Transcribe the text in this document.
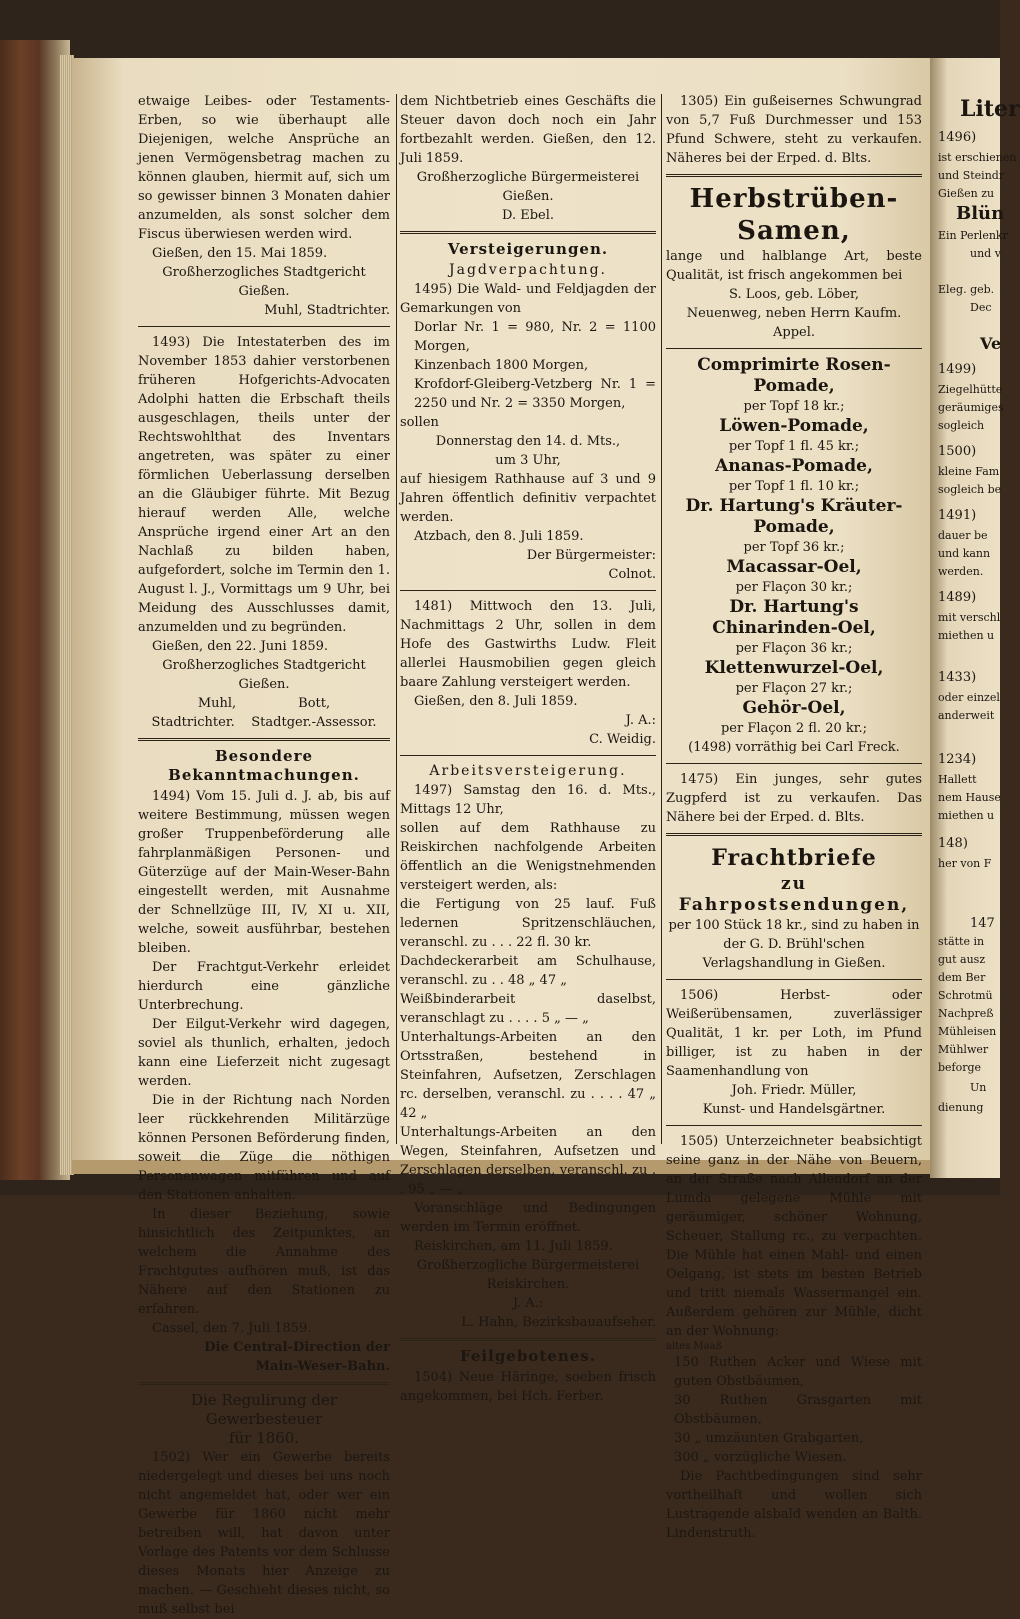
etwaige Leibes- oder Testaments-Erben, so wie überhaupt alle Diejenigen, welche Ansprüche an jenen Vermögensbetrag machen zu können glauben, hiermit auf, sich um so gewisser binnen 3 Monaten dahier anzumelden, als sonst solcher dem Fiscus überwiesen werden wird.

Gießen, den 15. Mai 1859.

Großherzogliches Stadtgericht Gießen.

Muhl, Stadtrichter.

1493) Die Intestaterben des im November 1853 dahier verstorbenen früheren Hofgerichts-Advocaten Adolphi hatten die Erbschaft theils ausgeschlagen, theils unter der Rechtswohlthat des Inventars angetreten, was später zu einer förmlichen Ueberlassung derselben an die Gläubiger führte. Mit Bezug hierauf werden Alle, welche Ansprüche irgend einer Art an den Nachlaß zu bilden haben, aufgefordert, solche im Termin den 1. August l. J., Vormittags um 9 Uhr, bei Meidung des Ausschlusses damit, anzumelden und zu begründen.

Gießen, den 22. Juni 1859.

Großherzogliches Stadtgericht Gießen.

Muhl,               Bott,

Stadtrichter.    Stadtger.-Assessor.

Besondere Bekanntmachungen.

1494) Vom 15. Juli d. J. ab, bis auf weitere Bestimmung, müssen wegen großer Truppenbeförderung alle fahrplanmäßigen Personen- und Güterzüge auf der Main-Weser-Bahn eingestellt werden, mit Ausnahme der Schnellzüge III, IV, XI u. XII, welche, soweit ausführbar, bestehen bleiben.

Der Frachtgut-Verkehr erleidet hierdurch eine gänzliche Unterbrechung.

Der Eilgut-Verkehr wird dagegen, soviel als thunlich, erhalten, jedoch kann eine Lieferzeit nicht zugesagt werden.

Die in der Richtung nach Norden leer rückkehrenden Militärzüge können Personen Beförderung finden, soweit die Züge die nöthigen Personenwagen mitführen und auf den Stationen anhalten.

In dieser Beziehung, sowie hinsichtlich des Zeitpunktes, an welchem die Annahme des Frachtgutes aufhören muß, ist das Nähere auf den Stationen zu erfahren.

Cassel, den 7. Juli 1859.

Die Central-Direction der

Main-Weser-Bahn.

Die Regulirung der Gewerbesteuer

für 1860.

1502) Wer ein Gewerbe bereits niedergelegt und dieses bei uns noch nicht angemeldet hat, oder wer ein Gewerbe für 1860 nicht mehr betreiben will, hat davon unter Vorlage des Patents vor dem Schlusse dieses Monats hier Anzeige zu machen. — Geschieht dieses nicht, so muß selbst bei

dem Nichtbetrieb eines Geschäfts die Steuer davon doch noch ein Jahr fortbezahlt werden. Gießen, den 12. Juli 1859.

Großherzogliche Bürgermeisterei Gießen.

D. Ebel.

Versteigerungen.

Jagdverpachtung.

1495) Die Wald- und Feldjagden der Gemarkungen von

Dorlar Nr. 1 = 980, Nr. 2 = 1100 Morgen,

Kinzenbach 1800 Morgen,

Krofdorf-Gleiberg-Vetzberg Nr. 1 = 2250 und Nr. 2 = 3350 Morgen,

sollen

Donnerstag den 14. d. Mts.,

um 3 Uhr,

auf hiesigem Rathhause auf 3 und 9 Jahren öffentlich definitiv verpachtet werden.

Atzbach, den 8. Juli 1859.

Der Bürgermeister:

Colnot.

1481) Mittwoch den 13. Juli, Nachmittags 2 Uhr, sollen in dem Hofe des Gastwirths Ludw. Fleit allerlei Hausmobilien gegen gleich baare Zahlung versteigert werden.

Gießen, den 8. Juli 1859.

J. A.:

C. Weidig.

Arbeitsversteigerung.

1497) Samstag den 16. d. Mts., Mittags 12 Uhr,

sollen auf dem Rathhause zu Reiskirchen nachfolgende Arbeiten öffentlich an die Wenigstnehmenden versteigert werden, als:

die Fertigung von 25 lauf. Fuß ledernen Spritzenschläuchen, veranschl. zu . . . 22 fl. 30 kr.

Dachdeckerarbeit am Schulhause, veranschl. zu . . 48 „ 47 „

Weißbinderarbeit daselbst, veranschlagt zu . . . . 5 „ — „

Unterhaltungs-Arbeiten an den Ortsstraßen, bestehend in Steinfahren, Aufsetzen, Zerschlagen rc. derselben, veranschl. zu . . . . 47 „ 42 „

Unterhaltungs-Arbeiten an den Wegen, Steinfahren, Aufsetzen und Zerschlagen derselben, veranschl. zu . . 95 „ — „

Voranschläge und Bedingungen werden im Termin eröffnet.

Reiskirchen, am 11. Juli 1859.

Großherzogliche Bürgermeisterei Reiskirchen.

J. A.:

L. Hahn, Bezirksbauaufseher.

Feilgebotenes.

1504) Neue Häringe, soeben frisch angekommen, bei Hch. Ferber.

1305) Ein gußeisernes Schwungrad von 5,7 Fuß Durchmesser und 153 Pfund Schwere, steht zu verkaufen. Näheres bei der Erped. d. Blts.

Herbstrüben-Samen,

lange und halblange Art, beste Qualität, ist frisch angekommen bei

S. Loos, geb. Löber,

Neuenweg, neben Herrn Kaufm. Appel.

Comprimirte Rosen-Pomade,

per Topf 18 kr.;

Löwen-Pomade,

per Topf 1 fl. 45 kr.;

Ananas-Pomade,

per Topf 1 fl. 10 kr.;

Dr. Hartung's Kräuter-Pomade,

per Topf 36 kr.;

Macassar-Oel,

per Flaçon 30 kr.;

Dr. Hartung's Chinarinden-Oel,

per Flaçon 36 kr.;

Klettenwurzel-Oel,

per Flaçon 27 kr.;

Gehör-Oel,

per Flaçon 2 fl. 20 kr.;

(1498) vorräthig bei Carl Freck.

1475) Ein junges, sehr gutes Zugpferd ist zu verkaufen. Das Nähere bei der Erped. d. Blts.

Frachtbriefe

zu Fahrpostsendungen,

per 100 Stück 18 kr., sind zu haben in der G. D. Brühl'schen Verlagshandlung in Gießen.

1506) Herbst- oder Weißerübensamen, zuverlässiger Qualität, 1 kr. per Loth, im Pfund billiger, ist zu haben in der Saamenhandlung von

Joh. Friedr. Müller,

Kunst- und Handelsgärtner.

1505) Unterzeichneter beabsichtigt seine ganz in der Nähe von Beuern, an der Straße nach Allendorf an der Lumda gelegene Mühle mit geräumiger, schöner Wohnung, Scheuer, Stallung rc., zu verpachten. Die Mühle hat einen Mahl- und einen Oelgang, ist stets im besten Betrieb und tritt niemals Wassermangel ein. Außerdem gehören zur Mühle, dicht an der Wohnung:

altes Maaß

150 Ruthen Acker und Wiese mit guten Obstbäumen,

30 Ruthen Grasgarten mit Obstbäumen,

30 „ umzäunten Grabgarten,

300 „ vorzügliche Wiesen.

Die Pachtbedingungen sind sehr vortheilhaft und wollen sich Lustragende alsbald wenden an Balth. Lindenstruth.

Liter
1496)
ist erschienen
und Steindr
Gießen zu
Blün
Ein Perlenkr
und v
Eleg. geb.
Dec
Ve
1499)
Ziegelhütte
geräumiges
sogleich
1500)
kleine Fam
sogleich be
1491)
dauer be
und kann
werden.
1489)
mit verschl
miethen u
1433)
oder einzel
anderweit
1234)
Hallett
nem Hause
miethen u
148)
her von F
147
stätte in
gut ausz
dem Ber
Schrotmü
Nachpreß
Mühleisen
Mühlwer
beforge
Un
dienung
